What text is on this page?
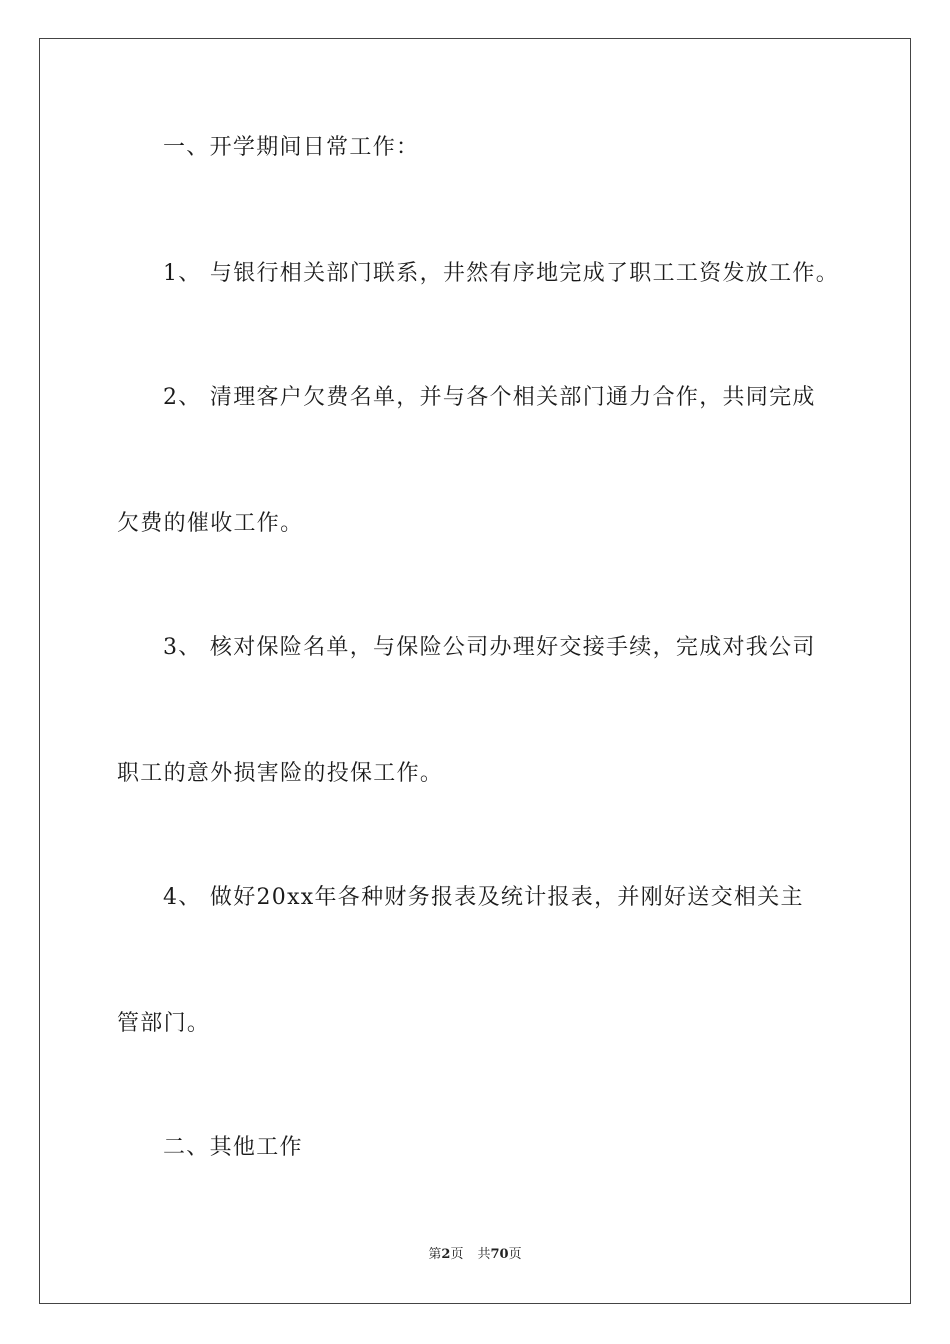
一、开学期间日常工作：
1、 与银行相关部门联系，井然有序地完成了职工工资发放工作。
2、 清理客户欠费名单，并与各个相关部门通力合作，共同完成
欠费的催收工作。
3、 核对保险名单，与保险公司办理好交接手续，完成对我公司
职工的意外损害险的投保工作。
4、 做好20xx年各种财务报表及统计报表，并刚好送交相关主
管部门。
二、其他工作
第2页 共70页
